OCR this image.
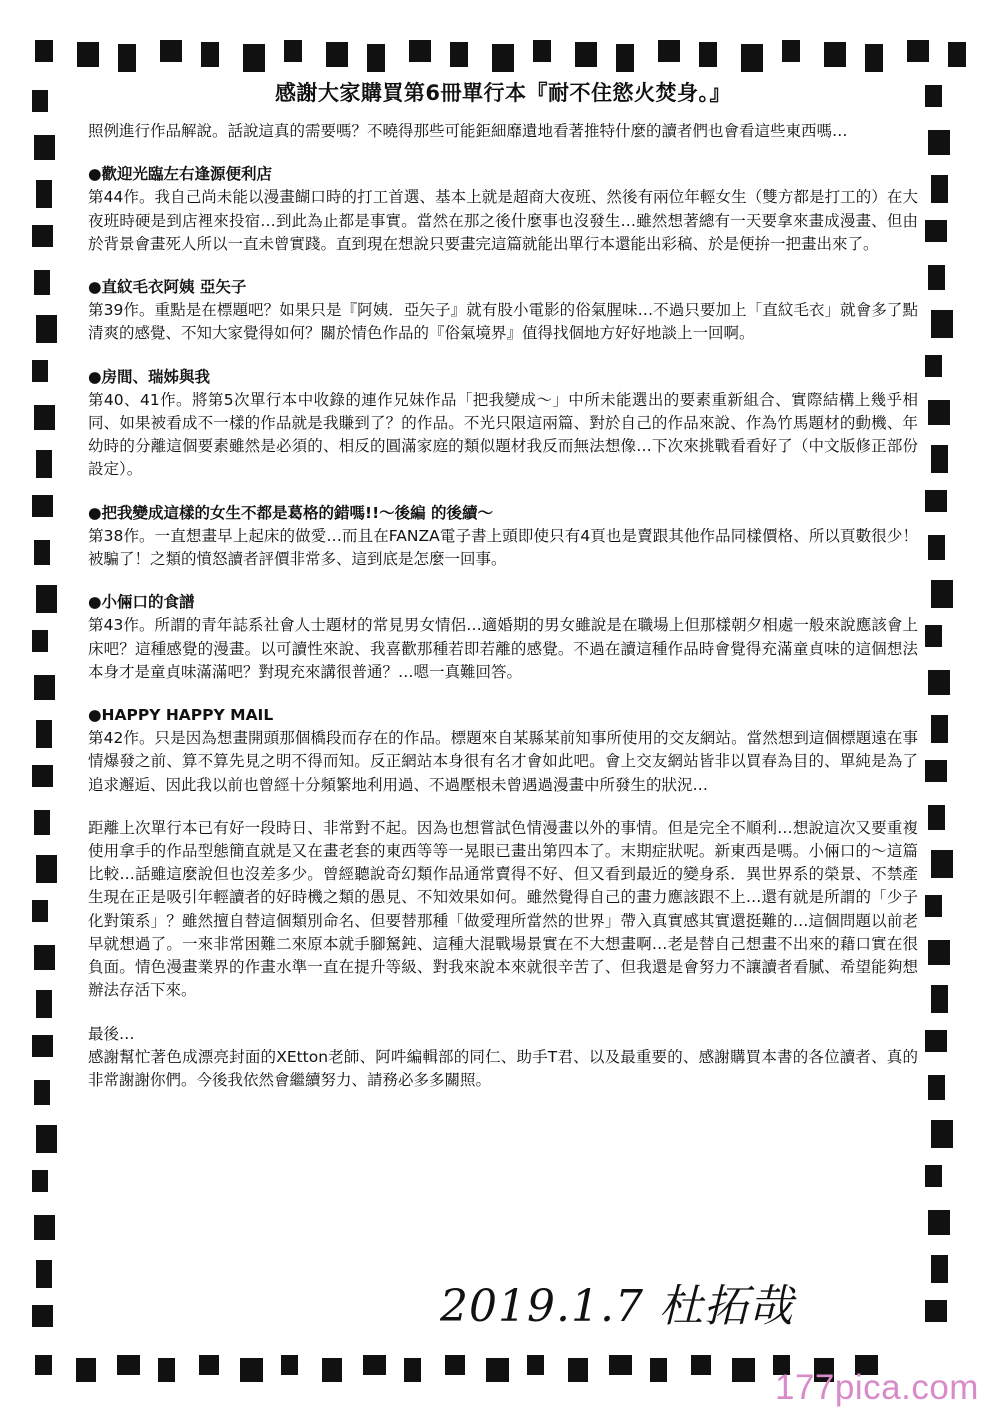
感謝大家購買第6冊單行本『耐不住慾火焚身。』

照例進行作品解說。話說這真的需要嗎？不曉得那些可能鉅細靡遺地看著推特什麼的讀者們也會看這些東西嗎…

●歡迎光臨左右逢源便利店

第44作。我自己尚未能以漫畫餬口時的打工首選、基本上就是超商大夜班、然後有兩位年輕女生（雙方都是打工的）在大夜班時硬是到店裡來投宿…到此為止都是事實。當然在那之後什麼事也沒發生…雖然想著總有一天要拿來畫成漫畫、但由於背景會畫死人所以一直未曾實踐。直到現在想說只要畫完這篇就能出單行本還能出彩稿、於是便拚一把畫出來了。

●直紋毛衣阿姨 亞矢子

第39作。重點是在標題吧？如果只是『阿姨．亞矢子』就有股小電影的俗氣腥味…不過只要加上「直紋毛衣」就會多了點清爽的感覺、不知大家覺得如何？關於情色作品的『俗氣境界』值得找個地方好好地談上一回啊。

●房間、瑞姊與我

第40、41作。將第5次單行本中收錄的連作兄妹作品「把我變成～」中所未能選出的要素重新組合、實際結構上幾乎相同、如果被看成不一樣的作品就是我賺到了？的作品。不光只限這兩篇、對於自己的作品來說、作為竹馬題材的動機、年幼時的分離這個要素雖然是必須的、相反的圓滿家庭的類似題材我反而無法想像…下次來挑戰看看好了（中文版修正部份設定）。

●把我變成這樣的女生不都是葛格的錯嗎!!～後編 的後續～

第38作。一直想畫早上起床的做愛…而且在FANZA電子書上頭即使只有4頁也是賣跟其他作品同樣價格、所以頁數很少！被騙了！之類的憤怒讀者評價非常多、這到底是怎麼一回事。

●小倆口的食譜

第43作。所謂的青年誌系社會人士題材的常見男女情侶…適婚期的男女雖說是在職場上但那樣朝夕相處一般來說應該會上床吧？這種感覺的漫畫。以可讀性來說、我喜歡那種若即若離的感覺。不過在讀這種作品時會覺得充滿童貞味的這個想法本身才是童貞味滿滿吧？對現充來講很普通？…嗯一真難回答。

●HAPPY HAPPY MAIL

第42作。只是因為想畫開頭那個橋段而存在的作品。標題來自某縣某前知事所使用的交友網站。當然想到這個標題遠在事情爆發之前、算不算先見之明不得而知。反正網站本身很有名才會如此吧。會上交友網站皆非以買春為目的、單純是為了追求邂逅、因此我以前也曾經十分頻繁地利用過、不過壓根未曾遇過漫畫中所發生的狀況…

距離上次單行本已有好一段時日、非常對不起。因為也想嘗試色情漫畫以外的事情。但是完全不順利…想說這次又要重複使用拿手的作品型態簡直就是又在畫老套的東西等等一晃眼已畫出第四本了。末期症狀呢。新東西是嗎。小倆口的～這篇比較…話雖這麼說但也沒差多少。曾經聽說奇幻類作品通常賣得不好、但又看到最近的變身系．異世界系的榮景、不禁產生現在正是吸引年輕讀者的好時機之類的愚見、不知效果如何。雖然覺得自己的畫力應該跟不上…還有就是所謂的「少子化對策系」？雖然擅自替這個類別命名、但要替那種「做愛理所當然的世界」帶入真實感其實還挺難的…這個問題以前老早就想過了。一來非常困難二來原本就手腳駑鈍、這種大混戰場景實在不大想畫啊…老是替自己想畫不出來的藉口實在很負面。情色漫畫業界的作畫水準一直在提升等級、對我來說本來就很辛苦了、但我還是會努力不讓讀者看膩、希望能夠想辦法存活下來。

最後…

感謝幫忙著色成漂亮封面的XEtton老師、阿吽編輯部的同仁、助手T君、以及最重要的、感謝購買本書的各位讀者、真的非常謝謝你們。今後我依然會繼續努力、請務必多多關照。

2019.1.7 杜拓哉
177pica.com
